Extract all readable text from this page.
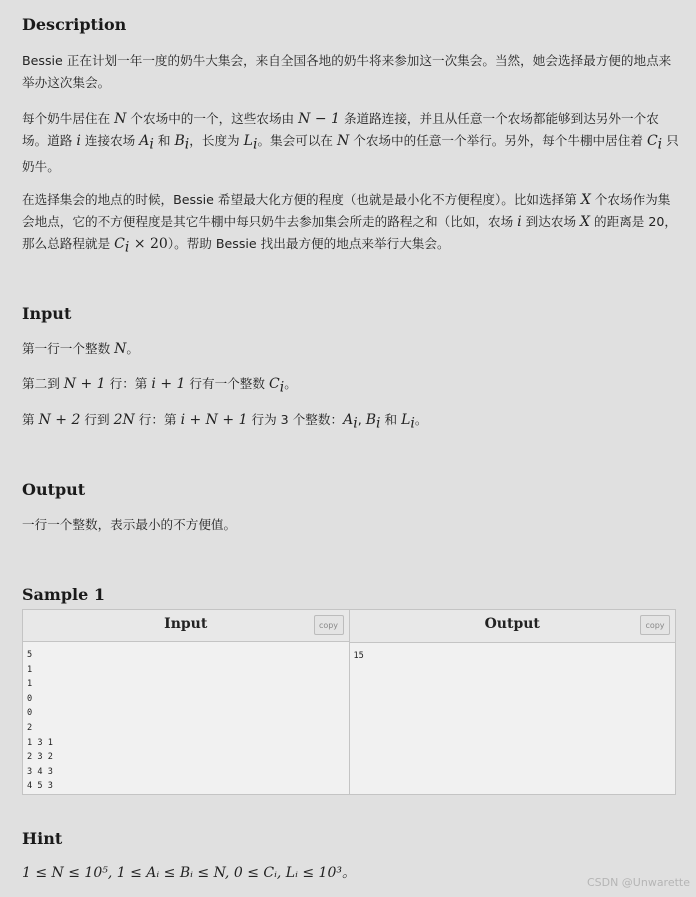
Description

Bessie 正在计划一年一度的奶牛大集会，来自全国各地的奶牛将来参加这一次集会。当然，她会选择最方便的地点来举办这次集会。

每个奶牛居住在 N 个农场中的一个，这些农场由 N − 1 条道路连接，并且从任意一个农场都能够到达另外一个农场。道路 i 连接农场 $A_i$ 和 $B_i$，长度为 $L_i$。集会可以在 N 个农场中的任意一个举行。另外，每个牛棚中居住着 $C_i$ 只奶牛。

在选择集会的地点的时候，Bessie 希望最大化方便的程度（也就是最小化不方便程度）。比如选择第 X 个农场作为集会地点，它的不方便程度是其它牛棚中每只奶牛去参加集会所走的路程之和（比如，农场 i 到达农场 X 的距离是 20，那么总路程就是 $C_i \times 20$）。帮助 Bessie 找出最方便的地点来举行大集会。

Input

第一行一个整数 N。

第二到 N + 1 行：第 i + 1 行有一个整数 $C_i$。

第 N + 2 行到 2N 行：第 i + N + 1 行为 3 个整数：$A_i$, $B_i$ 和 $L_i$。

Output

一行一个整数，表示最小的不方便值。

Sample 1
Input	copy
5
1
1
0
0
2
1 3 1
2 3 2
3 4 3
4 5 3
Output	copy
15
Hint

1 ≤ N ≤ 10⁵, 1 ≤ Aᵢ ≤ Bᵢ ≤ N, 0 ≤ Cᵢ, Lᵢ ≤ 10³。

CSDN @Unwarette
